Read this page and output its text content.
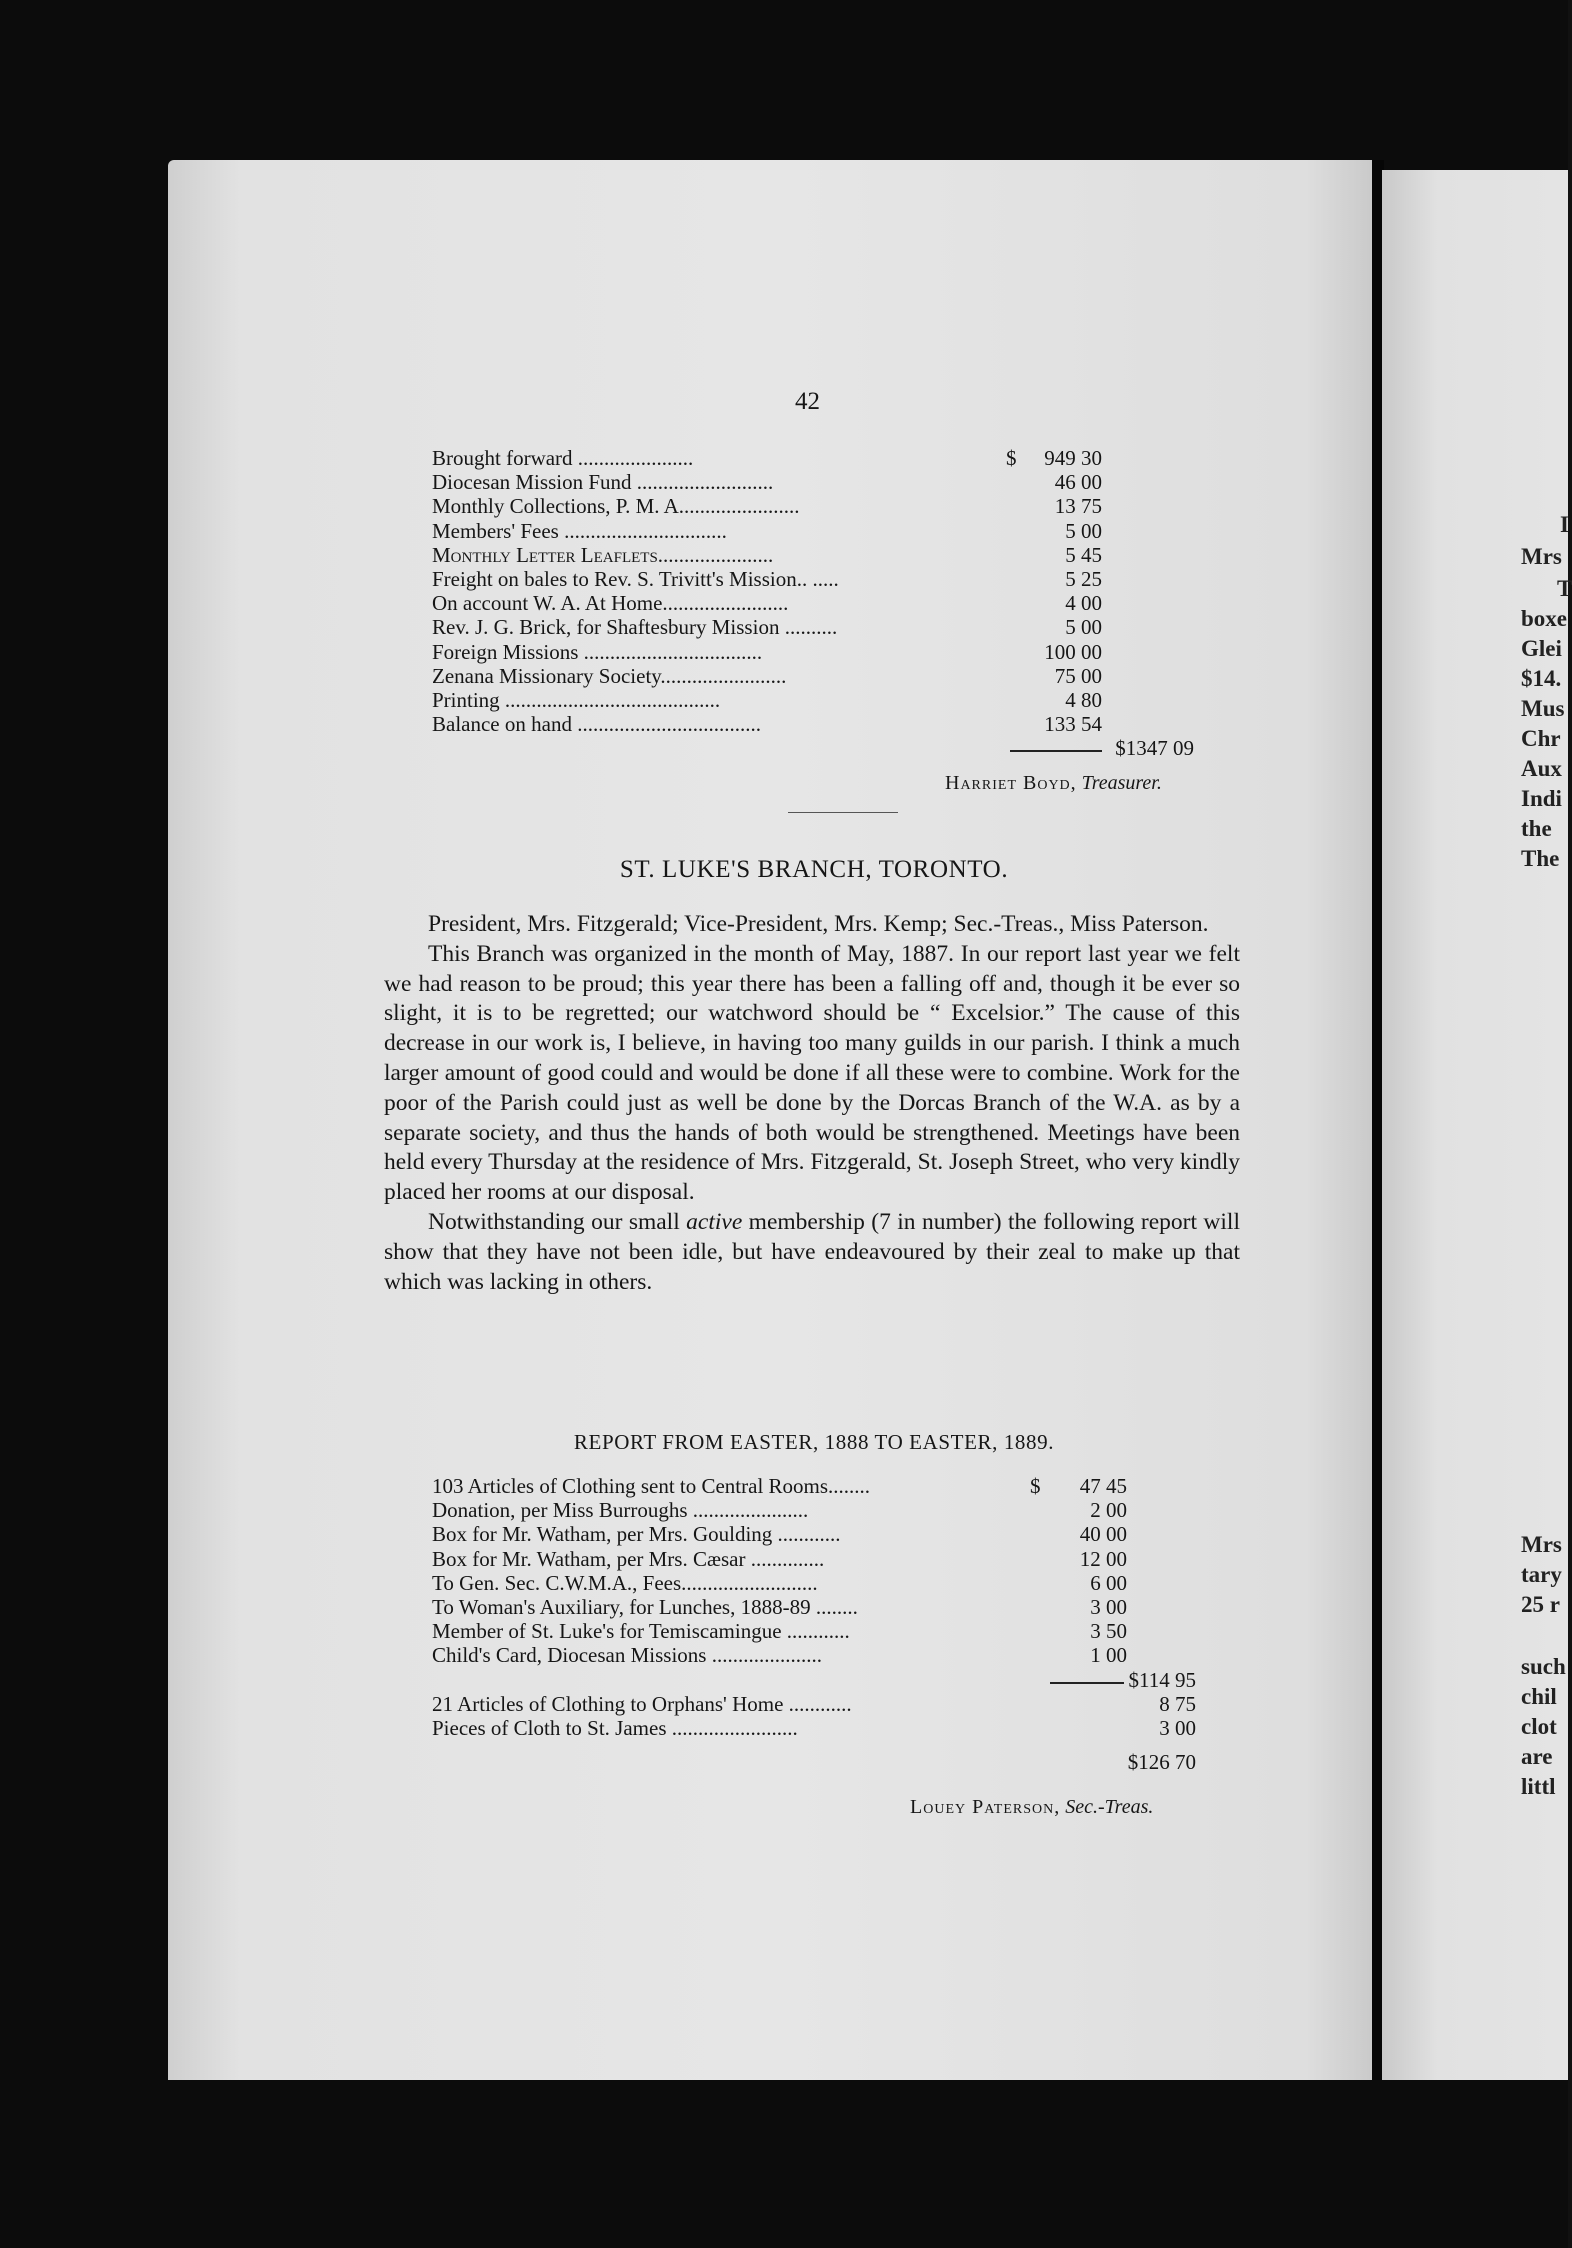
42
Brought forward ......................	$ 949 30
Diocesan Mission Fund ..........................	46 00
Monthly Collections, P. M. A.......................	13 75
Members' Fees ...............................	5 00
Monthly Letter Leaflets......................	5 45
Freight on bales to Rev. S. Trivitt's Mission.. .....	5 25
On account W. A. At Home........................	4 00
Rev. J. G. Brick, for Shaftesbury Mission ..........	5 00
Foreign Missions ..................................	100 00
Zenana Missionary Society........................	75 00
Printing .........................................	4 80
Balance on hand ...................................	133 54
$1347 09
Harriet Boyd, Treasurer.
ST. LUKE'S BRANCH, TORONTO.

President, Mrs. Fitzgerald; Vice-President, Mrs. Kemp; Sec.-Treas., Miss Paterson.

This Branch was organized in the month of May, 1887. In our report last year we felt we had reason to be proud; this year there has been a falling off and, though it be ever so slight, it is to be regretted; our watchword should be “ Excelsior.” The cause of this decrease in our work is, I believe, in having too many guilds in our parish. I think a much larger amount of good could and would be done if all these were to combine. Work for the poor of the Parish could just as well be done by the Dorcas Branch of the W.A. as by a separate society, and thus the hands of both would be strengthened. Meetings have been held every Thursday at the residence of Mrs. Fitzgerald, St. Joseph Street, who very kindly placed her rooms at our disposal.

Notwithstanding our small active membership (7 in number) the following report will show that they have not been idle, but have endeavoured by their zeal to make up that which was lacking in others.

REPORT FROM EASTER, 1888 TO EASTER, 1889.
103 Articles of Clothing sent to Central Rooms........	$ 47 45
Donation, per Miss Burroughs ......................	2 00
Box for Mr. Watham, per Mrs. Goulding ............	40 00
Box for Mr. Watham, per Mrs. Cæsar ..............	12 00
To Gen. Sec. C.W.M.A., Fees..........................	6 00
To Woman's Auxiliary, for Lunches, 1888-89 ........	3 00
Member of St. Luke's for Temiscamingue ............	3 50
Child's Card, Diocesan Missions .....................	1 00
$114 95
21 Articles of Clothing to Orphans' Home ............	8 75
Pieces of Cloth to St. James ........................	3 00
$126 70
Louey Paterson, Sec.-Treas.
I
Mrs
T
boxe
Glei
$14.
Mus
Chr
Aux
Indi
the
The
Mrs
tary
25 r
such
chil
clot
are
littl
